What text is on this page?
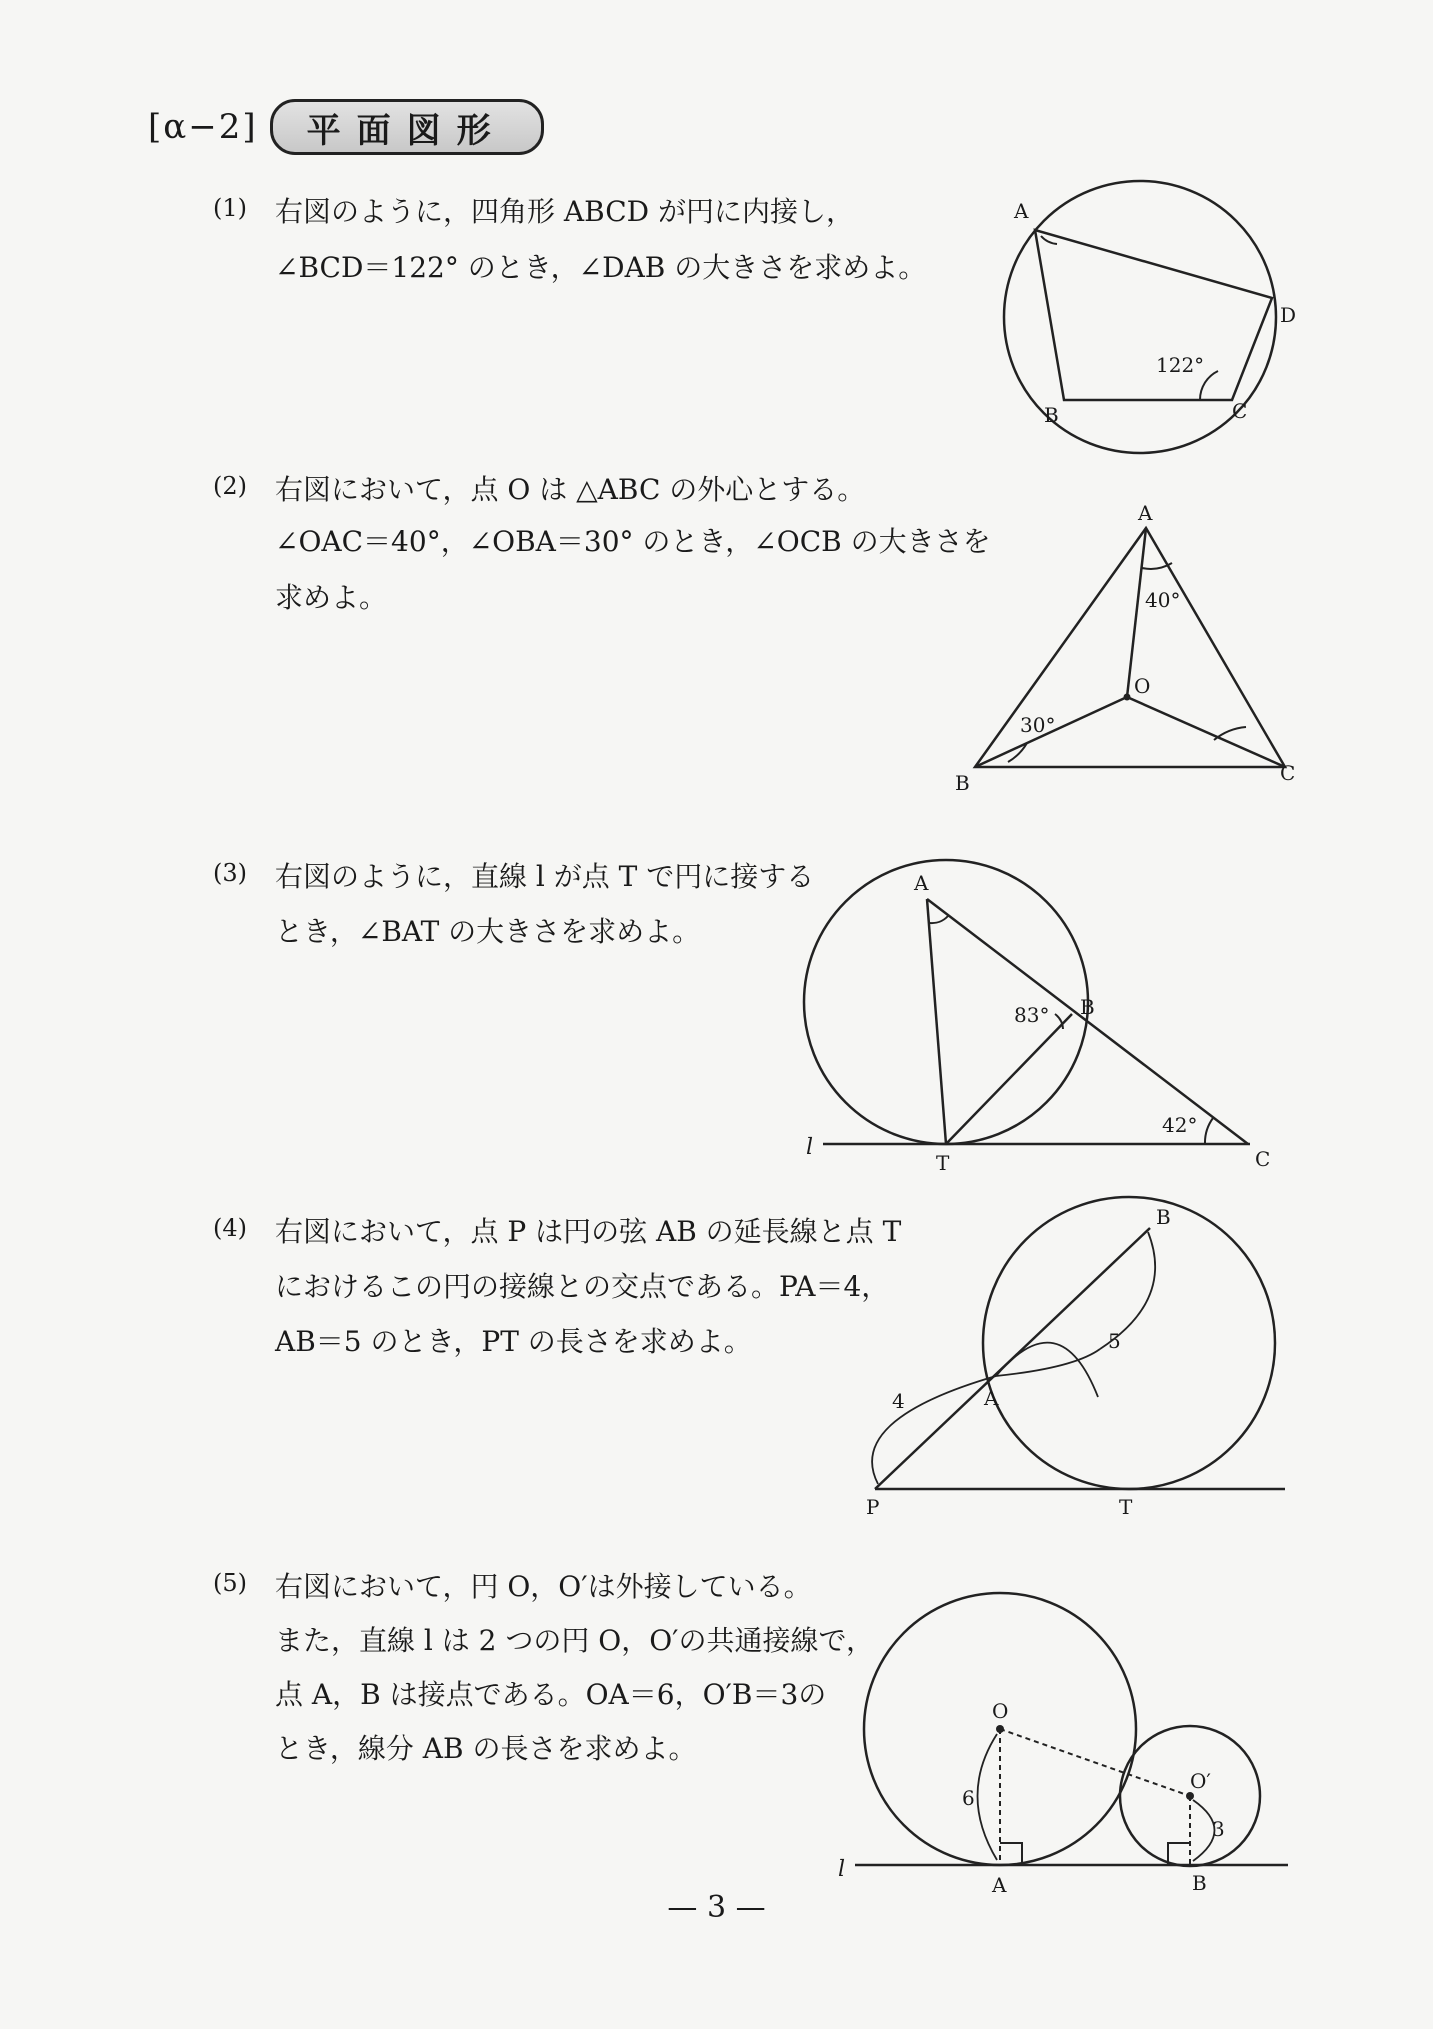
[α−2]	平面図形
(1) 右図のように，四角形 ABCD が円に内接し，
∠BCD＝122° のとき，∠DAB の大きさを求めよ。
A
B	C
D
122°
(2) 右図において，点 O は △ABC の外心とする。
∠OAC＝40°，∠OBA＝30° のとき，∠OCB の大きさを
求めよ。
A
B	C
O
40°
30°
(3) 右図のように，直線 l が点 T で円に接する
とき，∠BAT の大きさを求めよ。
A
B
C
T
l
83°
42°
(4) 右図において，点 P は円の弦 AB の延長線と点 T
におけるこの円の接線との交点である。PA＝4，
AB＝5 のとき，PT の長さを求めよ。
B
A
P	T
4
5
(5) 右図において，円 O，O′は外接している。
また，直線 l は 2 つの円 O，O′の共通接線で，
点 A，B は接点である。OA＝6，O′B＝3の
とき，線分 AB の長さを求めよ。
O
O′
A	B
l
6
3
— 3 —
